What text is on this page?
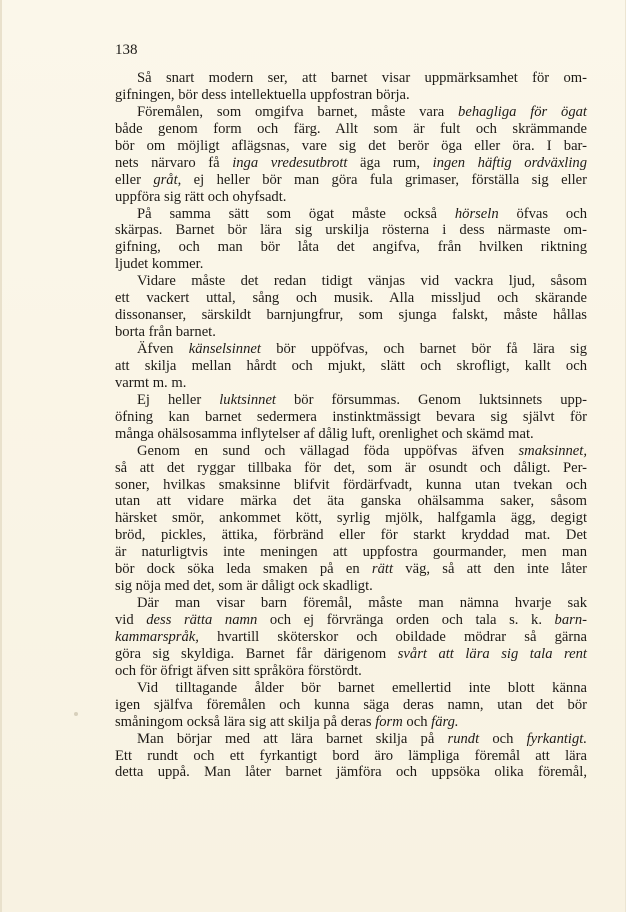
138

Så snart modern ser, att barnet visar uppmärksamhet för om-
gifningen, bör dess intellektuella uppfostran börja.
Föremålen, som omgifva barnet, måste vara behagliga för ögat
både genom form och färg. Allt som är fult och skrämmande
bör om möjligt aflägsnas, vare sig det berör öga eller öra. I bar-
nets närvaro få inga vredesutbrott äga rum, ingen häftig ordväxling
eller gråt, ej heller bör man göra fula grimaser, förställa sig eller
uppföra sig rätt och ohyfsadt.
På samma sätt som ögat måste också hörseln öfvas och
skärpas. Barnet bör lära sig urskilja rösterna i dess närmaste om-
gifning, och man bör låta det angifva, från hvilken riktning
ljudet kommer.
Vidare måste det redan tidigt vänjas vid vackra ljud, såsom
ett vackert uttal, sång och musik. Alla missljud och skärande
dissonanser, särskildt barnjungfrur, som sjunga falskt, måste hållas
borta från barnet.
Äfven känselsinnet bör uppöfvas, och barnet bör få lära sig
att skilja mellan hårdt och mjukt, slätt och skrofligt, kallt och
varmt m. m.
Ej heller luktsinnet bör försummas. Genom luktsinnets upp-
öfning kan barnet sedermera instinktmässigt bevara sig självt för
många ohälsosamma inflytelser af dålig luft, orenlighet och skämd mat.
Genom en sund och vällagad föda uppöfvas äfven smaksinnet,
så att det ryggar tillbaka för det, som är osundt och dåligt. Per-
soner, hvilkas smaksinne blifvit fördärfvadt, kunna utan tvekan och
utan att vidare märka det äta ganska ohälsamma saker, såsom
härsket smör, ankommet kött, syrlig mjölk, halfgamla ägg, degigt
bröd, pickles, ättika, förbränd eller för starkt kryddad mat. Det
är naturligtvis inte meningen att uppfostra gourmander, men man
bör dock söka leda smaken på en rätt väg, så att den inte låter
sig nöja med det, som är dåligt ock skadligt.
Där man visar barn föremål, måste man nämna hvarje sak
vid dess rätta namn och ej förvränga orden och tala s. k. barn-
kammarspråk, hvartill sköterskor och obildade mödrar så gärna
göra sig skyldiga. Barnet får därigenom svårt att lära sig tala rent
och för öfrigt äfven sitt språköra förstördt.
Vid tilltagande ålder bör barnet emellertid inte blott känna
igen själfva föremålen och kunna säga deras namn, utan det bör
småningom också lära sig att skilja på deras form och färg.
Man börjar med att lära barnet skilja på rundt och fyrkantigt.
Ett rundt och ett fyrkantigt bord äro lämpliga föremål att lära
detta uppå. Man låter barnet jämföra och uppsöka olika föremål,
